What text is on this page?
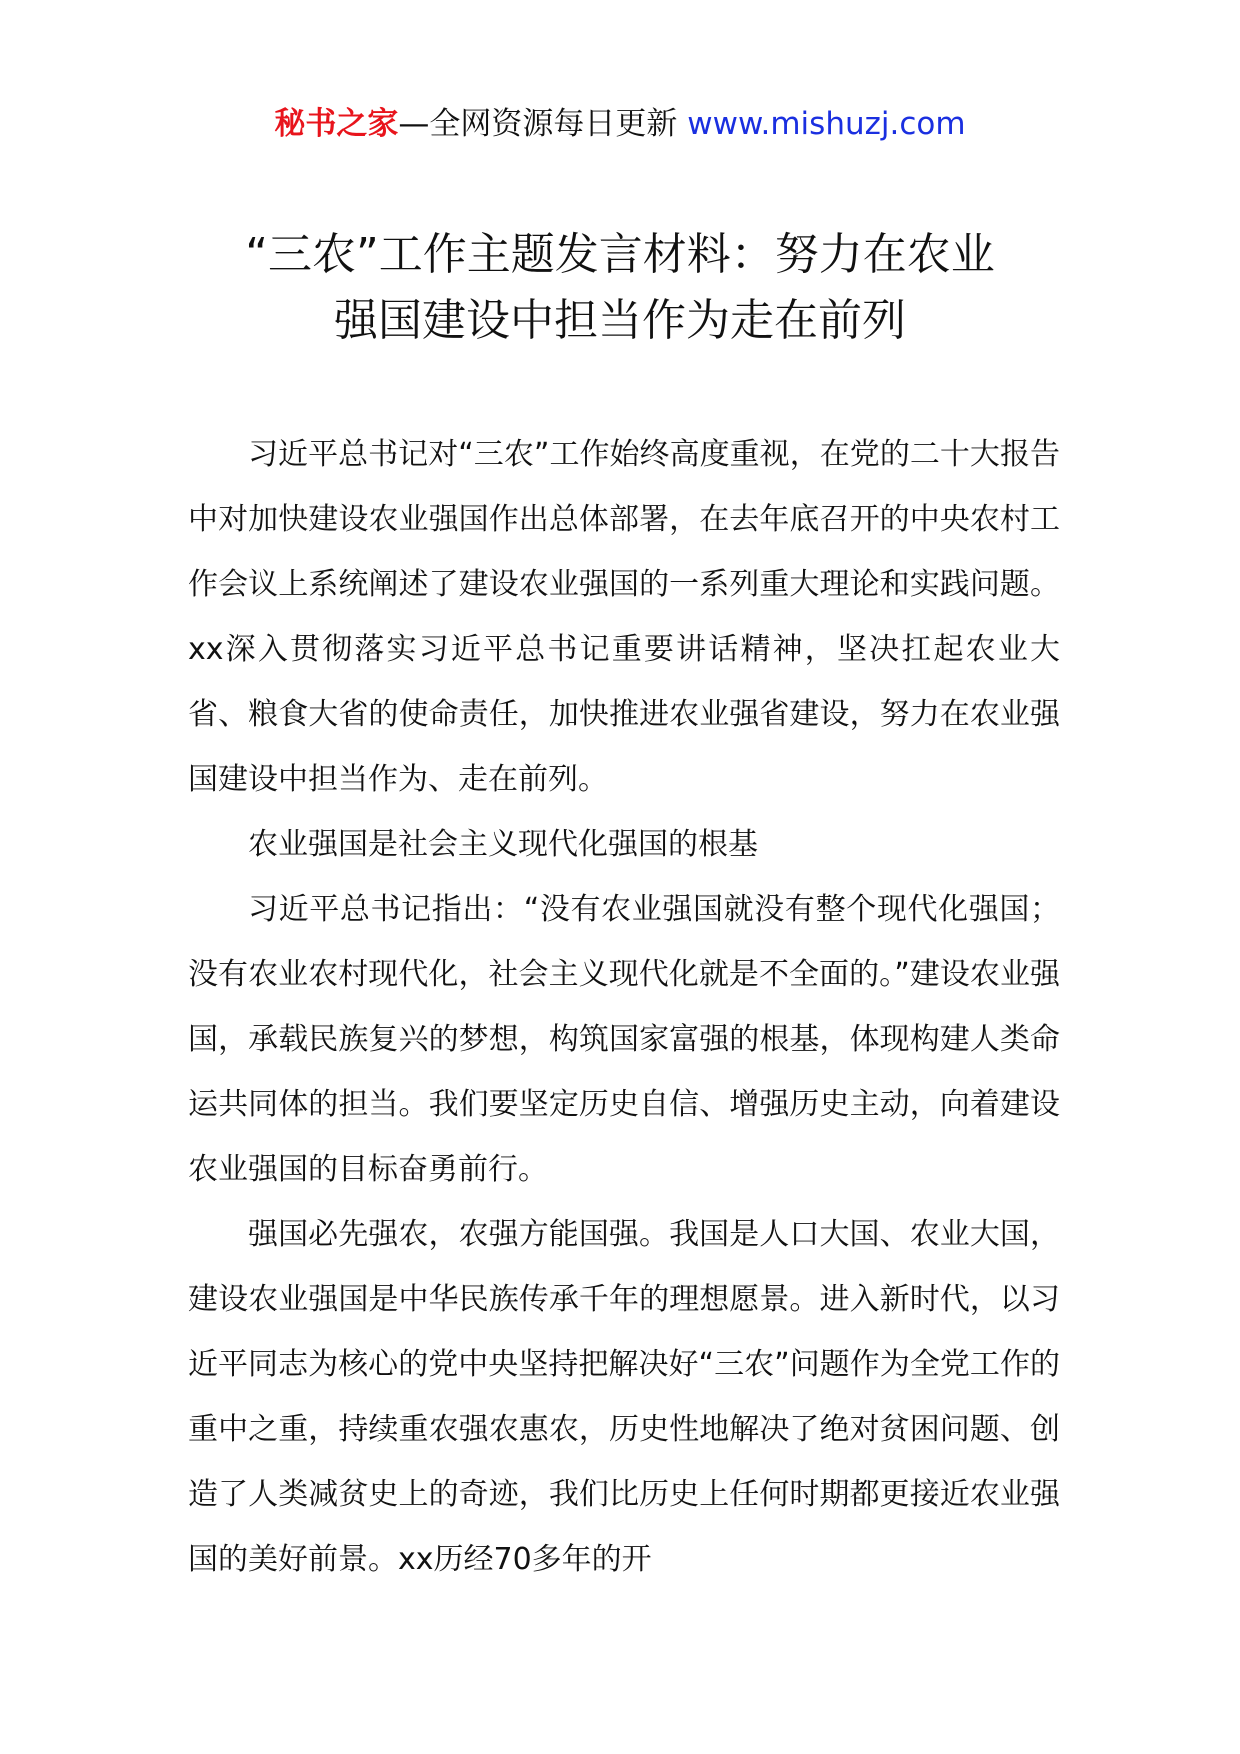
秘书之家—全网资源每日更新 www.mishuzj.com
“三农”工作主题发言材料：努力在农业
强国建设中担当作为走在前列

习近平总书记对“三农”工作始终高度重视，在党的二十大报告中对加快建设农业强国作出总体部署，在去年底召开的中央农村工作会议上系统阐述了建设农业强国的一系列重大理论和实践问题。xx深入贯彻落实习近平总书记重要讲话精神，坚决扛起农业大省、粮食大省的使命责任，加快推进农业强省建设，努力在农业强国建设中担当作为、走在前列。

农业强国是社会主义现代化强国的根基

习近平总书记指出：“没有农业强国就没有整个现代化强国；没有农业农村现代化，社会主义现代化就是不全面的。”建设农业强国，承载民族复兴的梦想，构筑国家富强的根基，体现构建人类命运共同体的担当。我们要坚定历史自信、增强历史主动，向着建设农业强国的目标奋勇前行。

强国必先强农，农强方能国强。我国是人口大国、农业大国，建设农业强国是中华民族传承千年的理想愿景。进入新时代，以习近平同志为核心的党中央坚持把解决好“三农”问题作为全党工作的重中之重，持续重农强农惠农，历史性地解决了绝对贫困问题、创造了人类减贫史上的奇迹，我们比历史上任何时期都更接近农业强国的美好前景。xx历经70多年的开
